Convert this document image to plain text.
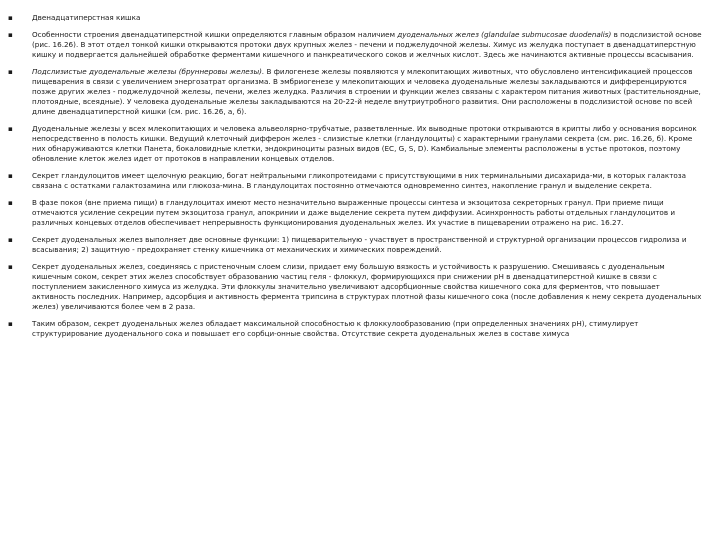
▪	Двенадцатиперстная кишка
▪	Особенности строения двенадцатиперстной кишки определяются главным образом наличием дуоденальных желез (glandulae submucosae duodenalis) в подслизистой основе (рис. 16.26). В этот отдел тонкой кишки открываются протоки двух крупных желез - печени и поджелудочной железы. Химус из желудка поступает в двенадцатиперстную кишку и подвергается дальнейшей обработке ферментами кишечного и панкреатического соков и желчных кислот. Здесь же начинаются активные процессы всасывания.
▪	Подслизистые дуоденальные железы (бруннеровы железы). В филогенезе железы появляются у млекопитающих животных, что обусловлено интенсификацией процессов пищеварения в связи с увеличением энергозатрат организма. В эмбриогенезе у млекопитающих и человека дуоденальные железы закладываются и дифференцируются позже других желез - поджелудочной железы, печени, желез желудка. Различия в строении и функции желез связаны с характером питания животных (растительноядные, плотоядные, всеядные). У человека дуоденальные железы закладываются на 20-22-й неделе внутриутробного развития. Они расположены в подслизистой основе по всей длине двенадцатиперстной кишки (см. рис. 16.26, а, б).
▪	Дуоденальные железы у всех млекопитающих и человека альвеолярно-трубчатые, разветвленные. Их выводные протоки открываются в крипты либо у основания ворсинок непосредственно в полость кишки. Ведущий клеточный дифферон желез - слизистые клетки (гландулоциты) с характерными гранулами секрета (см. рис. 16.26, б). Кроме них обнаруживаются клетки Панета, бокаловидные клетки, эндокриноциты разных видов (ЕС, G, S, D). Камбиальные элементы расположены в устье протоков, поэтому обновление клеток желез идет от протоков в направлении концевых отделов.
▪	Секрет гландулоцитов имеет щелочную реакцию, богат нейтральными гликопротеидами с присутствующими в них терминальными дисахарида-ми, в которых галактоза связана с остатками галактозамина или глюкоза-мина. В гландулоцитах постоянно отмечаются одновременно синтез, накопление гранул и выделение секрета.
▪	В фазе покоя (вне приема пищи) в гландулоцитах имеют место незначительно выраженные процессы синтеза и экзоцитоза секреторных гранул. При приеме пищи отмечаются усиление секреции путем экзоцитоза гранул, апокринии и даже выделение секрета путем диффузии. Асинхронность работы отдельных гландулоцитов и различных концевых отделов обеспечивает непрерывность функционирования дуоденальных желез. Их участие в пищеварении отражено на рис. 16.27.
▪	Секрет дуоденальных желез выполняет две основные функции: 1) пищеварительную - участвует в пространственной и структурной организации процессов гидролиза и всасывания; 2) защитную - предохраняет стенку кишечника от механических и химических повреждений.
▪	Секрет дуоденальных желез, соединяясь с пристеночным слоем слизи, придает ему большую вязкость и устойчивость к разрушению. Смешиваясь с дуоденальным кишечным соком, секрет этих желез способствует образованию частиц геля - флоккул, формирующихся при снижении рН в двенадцатиперстной кишке в связи с поступлением закисленного химуса из желудка. Эти флоккулы значительно увеличивают адсорбционные свойства кишечного сока для ферментов, что повышает активность последних. Например, адсорбция и активность фермента трипсина в структурах плотной фазы кишечного сока (после добавления к нему секрета дуоденальных желез) увеличиваются более чем в 2 раза.
▪	Таким образом, секрет дуоденальных желез обладает максимальной способностью к флоккулообразованию (при определенных значениях рН), стимулирует структурирование дуоденального сока и повышает его сорбци-онные свойства. Отсутствие секрета дуоденальных желез в составе химуса
